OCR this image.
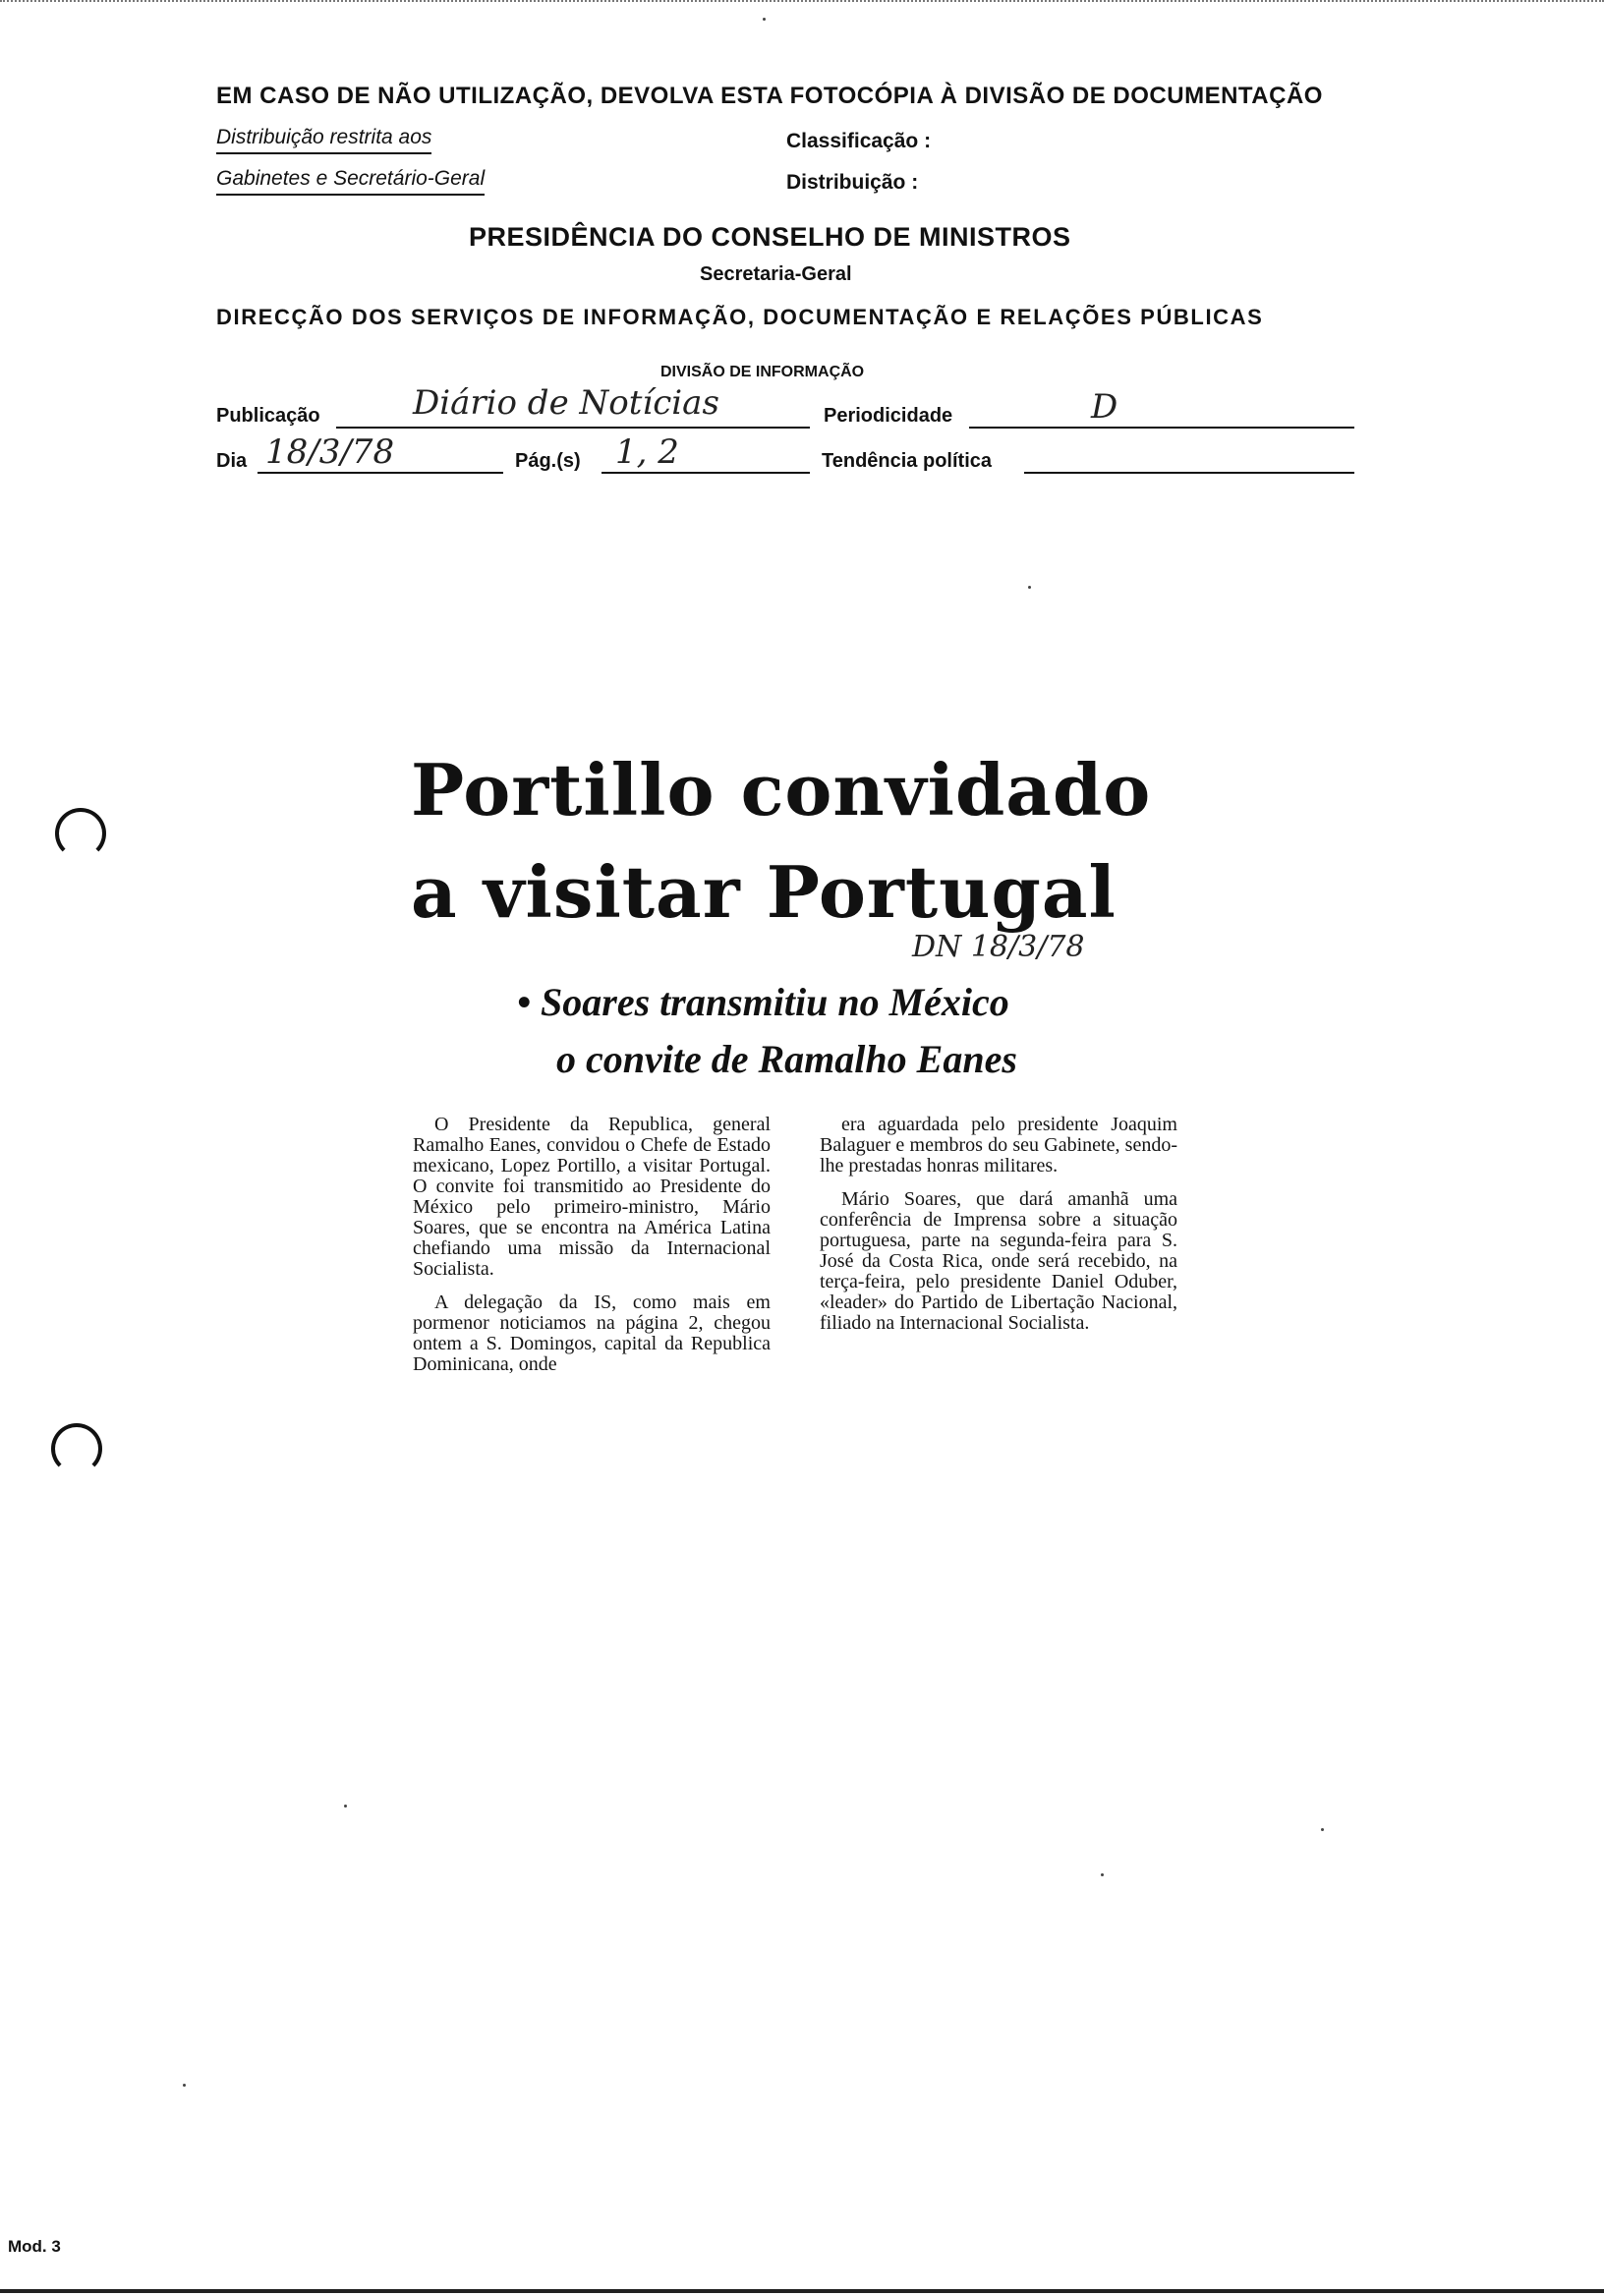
EM CASO DE NÃO UTILIZAÇÃO, DEVOLVA ESTA FOTOCÓPIA À DIVISÃO DE DOCUMENTAÇÃO
Distribuição restrita aos
Gabinetes e Secretário-Geral
Classificação :
Distribuição :
PRESIDÊNCIA DO CONSELHO DE MINISTROS
Secretaria-Geral
DIRECÇÃO DOS SERVIÇOS DE INFORMAÇÃO, DOCUMENTAÇÃO E RELAÇÕES PÚBLICAS
DIVISÃO DE INFORMAÇÃO
Publicação	Diário de Notícias	Periodicidade	D
Dia 18/3/78	Pág.(s) 1, 2	Tendência política
Portillo convidado
a visitar Portugal
DN 18/3/78
• Soares transmitiu no México
o convite de Ramalho Eanes

O Presidente da Republica, general Ramalho Eanes, convidou o Chefe de Estado mexicano, Lopez Portillo, a visitar Portugal. O convite foi transmitido ao Presidente do México pelo primeiro-ministro, Mário Soares, que se encontra na América Latina chefiando uma missão da Internacional Socialista.

A delegação da IS, como mais em pormenor noticiamos na página 2, chegou ontem a S. Domingos, capital da Republica Dominicana, onde

era aguardada pelo presidente Joaquim Balaguer e membros do seu Gabinete, sendo-lhe prestadas honras militares.

Mário Soares, que dará amanhã uma conferência de Imprensa sobre a situação portuguesa, parte na segunda-feira para S. José da Costa Rica, onde será recebido, na terça-feira, pelo presidente Daniel Oduber, «leader» do Partido de Libertação Nacional, filiado na Internacional Socialista.

Mod. 3
